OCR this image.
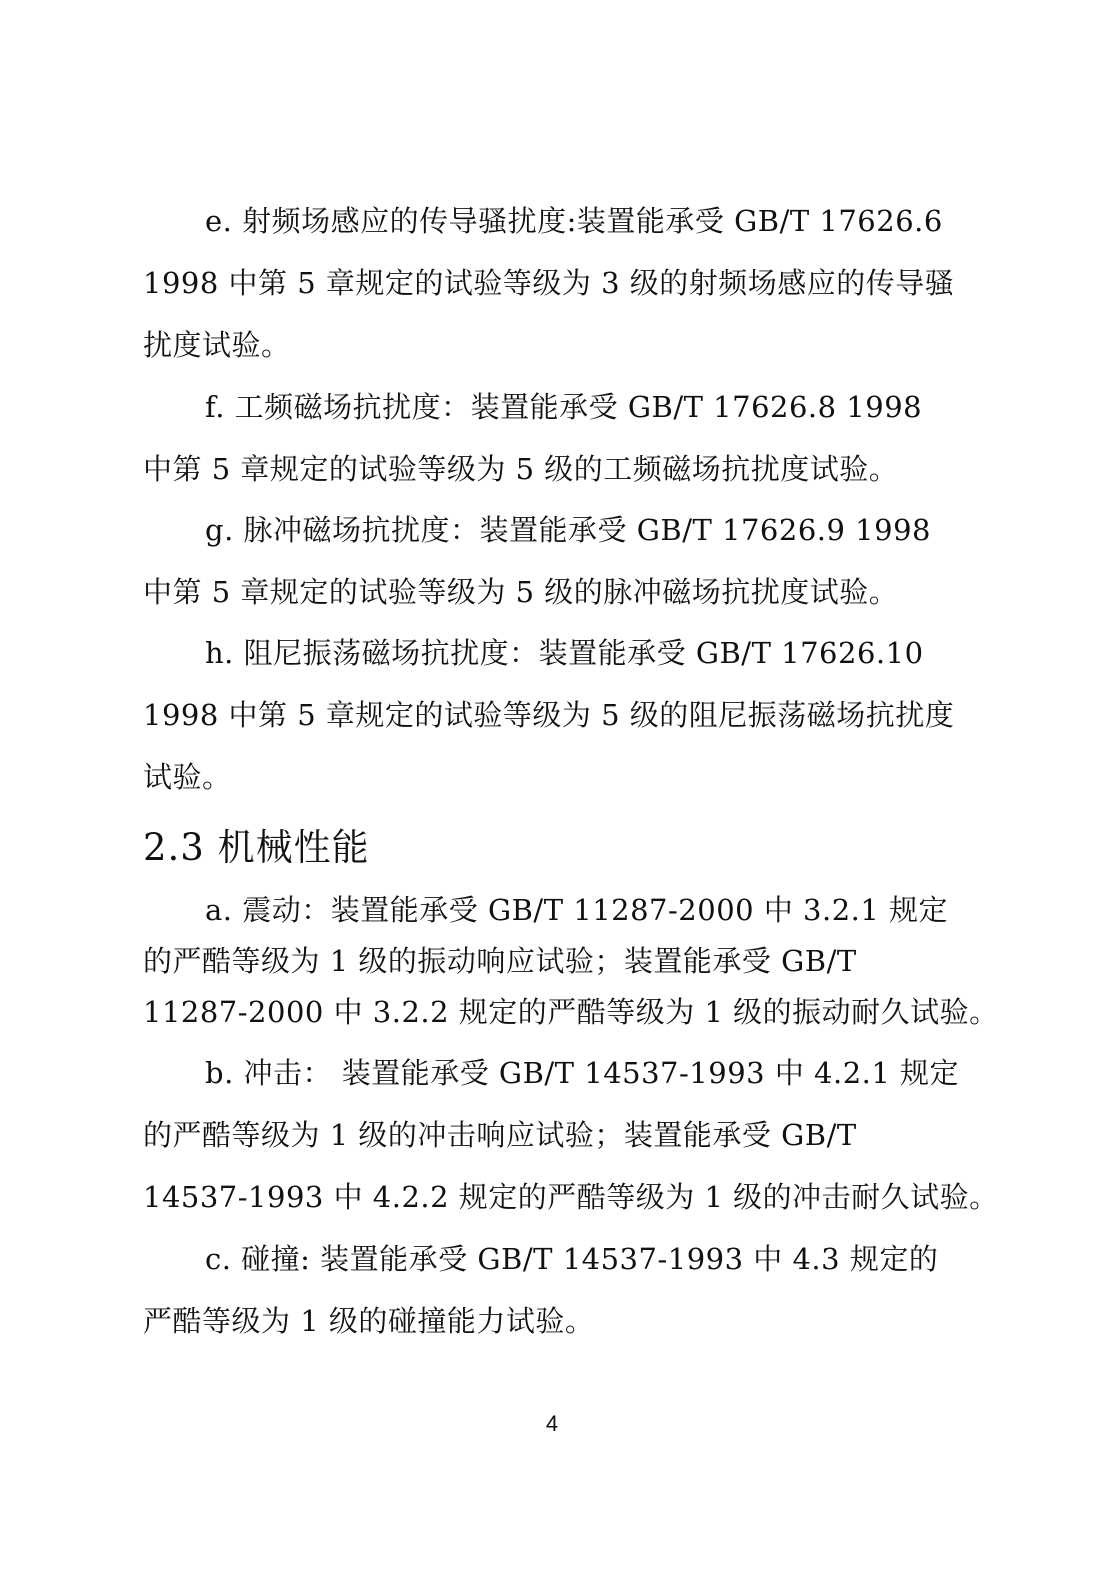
e. 射频场感应的传导骚扰度:装置能承受 GB/T 17626.6
1998 中第 5 章规定的试验等级为 3 级的射频场感应的传导骚
扰度试验。

f. 工频磁场抗扰度：装置能承受 GB/T 17626.8 1998
中第 5 章规定的试验等级为 5 级的工频磁场抗扰度试验。

g. 脉冲磁场抗扰度：装置能承受 GB/T 17626.9 1998
中第 5 章规定的试验等级为 5 级的脉冲磁场抗扰度试验。

h. 阻尼振荡磁场抗扰度：装置能承受 GB/T 17626.10
1998 中第 5 章规定的试验等级为 5 级的阻尼振荡磁场抗扰度
试验。

2.3 机械性能

a. 震动：装置能承受 GB/T 11287-2000 中 3.2.1 规定
的严酷等级为 1 级的振动响应试验；装置能承受 GB/T
11287-2000 中 3.2.2 规定的严酷等级为 1 级的振动耐久试验。

b. 冲击： 装置能承受 GB/T 14537-1993 中 4.2.1 规定
的严酷等级为 1 级的冲击响应试验；装置能承受 GB/T
14537-1993 中 4.2.2 规定的严酷等级为 1 级的冲击耐久试验。

c. 碰撞: 装置能承受 GB/T 14537-1993 中 4.3 规定的
严酷等级为 1 级的碰撞能力试验。

4
